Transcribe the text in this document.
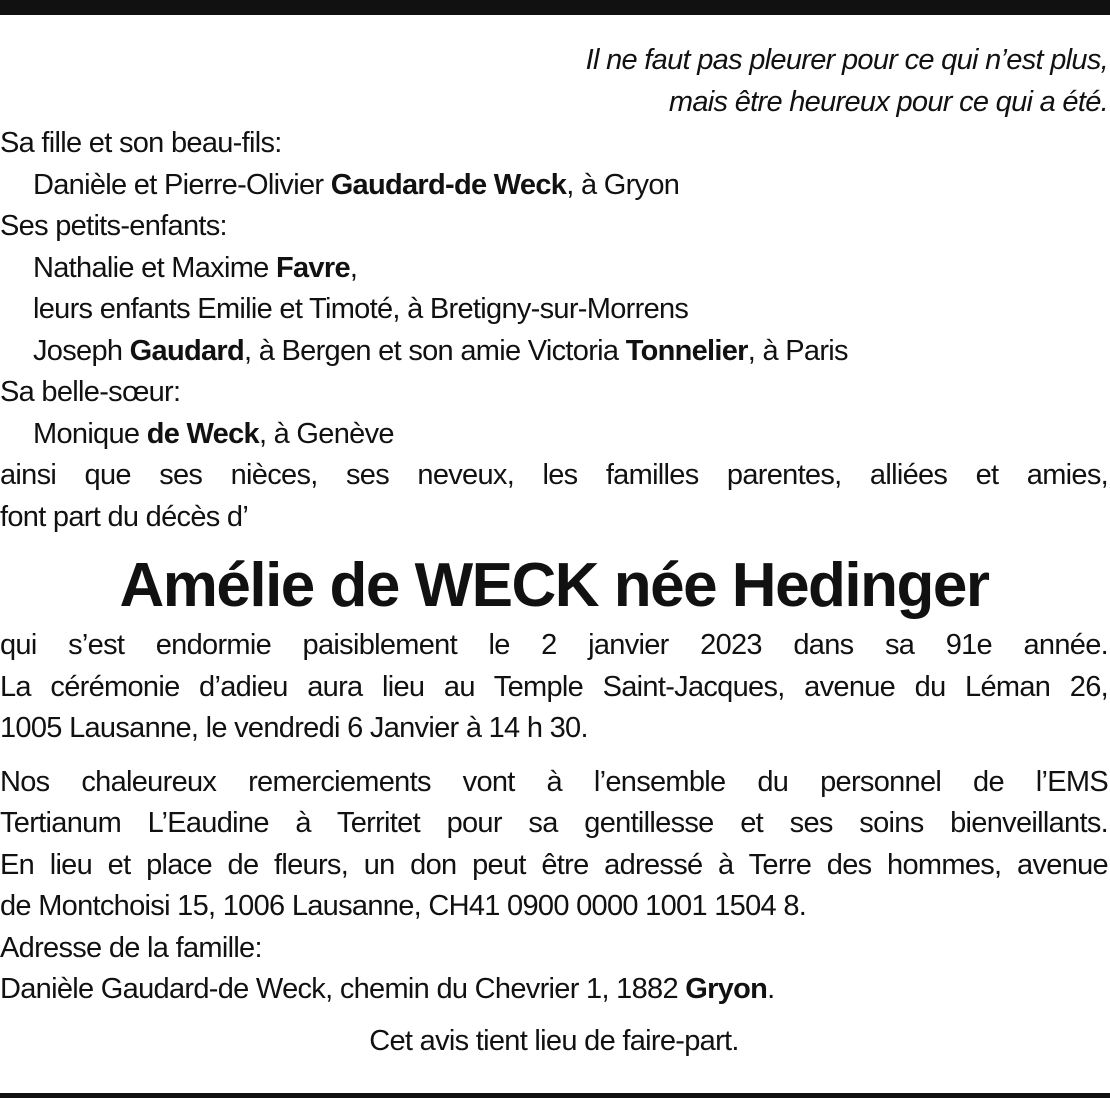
Il ne faut pas pleurer pour ce qui n’est plus,
mais être heureux pour ce qui a été.
Sa fille et son beau-fils:
Danièle et Pierre-Olivier Gaudard-de Weck, à Gryon
Ses petits-enfants:
Nathalie et Maxime Favre,
leurs enfants Emilie et Timoté, à Bretigny-sur-Morrens
Joseph Gaudard, à Bergen et son amie Victoria Tonnelier, à Paris
Sa belle-sœur:
Monique de Weck, à Genève
ainsi que ses nièces, ses neveux, les familles parentes, alliées et amies,
font part du décès d’
Amélie de WECK née Hedinger
qui s’est endormie paisiblement le 2 janvier 2023 dans sa 91e année.
La cérémonie d’adieu aura lieu au Temple Saint-Jacques, avenue du Léman 26,
1005 Lausanne, le vendredi 6 Janvier à 14 h 30.
Nos chaleureux remerciements vont à l’ensemble du personnel de l’EMS
Tertianum L’Eaudine à Territet pour sa gentillesse et ses soins bienveillants.
En lieu et place de fleurs, un don peut être adressé à Terre des hommes, avenue
de Montchoisi 15, 1006 Lausanne, CH41 0900 0000 1001 1504 8.
Adresse de la famille:
Danièle Gaudard-de Weck, chemin du Chevrier 1, 1882 Gryon.
Cet avis tient lieu de faire-part.
